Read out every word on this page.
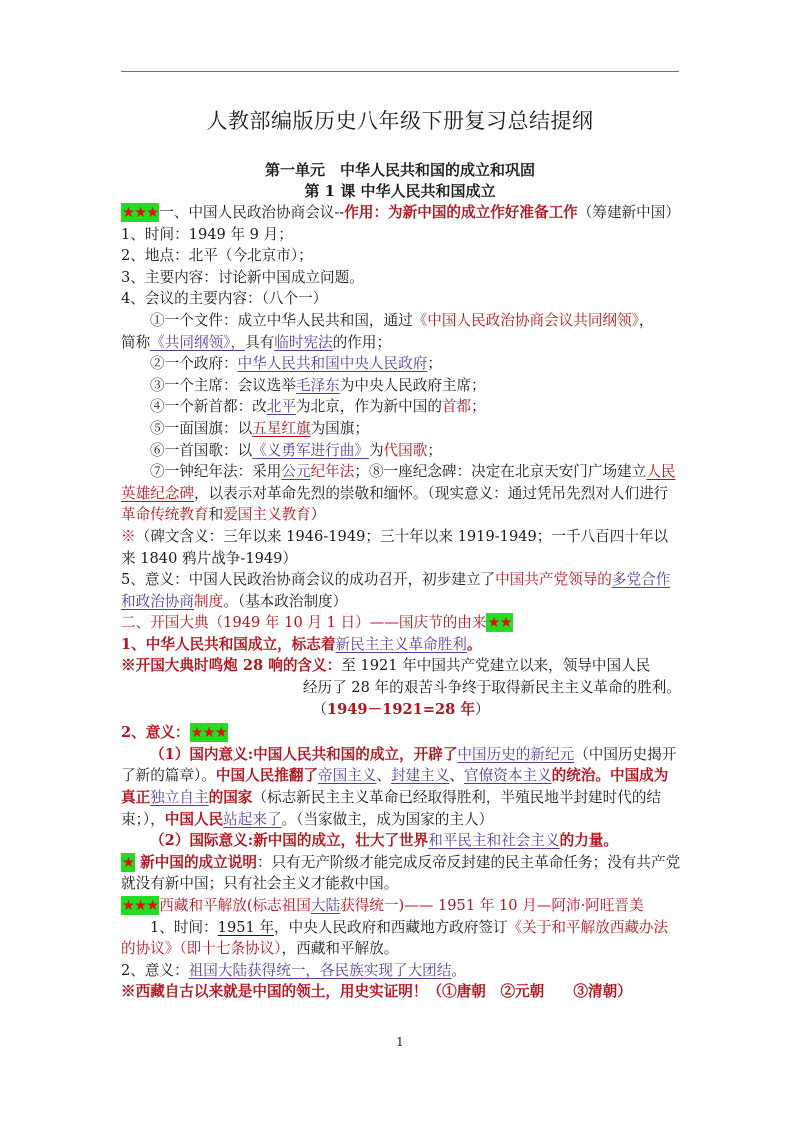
人教部编版历史八年级下册复习总结提纲
第一单元　中华人民共和国的成立和巩固
第 1 课 中华人民共和国成立

★★★一、中国人民政治协商会议--作用：为新中国的成立作好准备工作（筹建新中国）

1、时间：1949 年 9 月；

2、地点：北平（今北京市）；

3、主要内容：讨论新中国成立问题。

4、会议的主要内容：（八个一）

①一个文件：成立中华人民共和国，通过《中国人民政治协商会议共同纲领》，
简称《共同纲领》，具有临时宪法的作用；

②一个政府：中华人民共和国中央人民政府；

③一个主席：会议选举毛泽东为中央人民政府主席；

④一个新首都：改北平为北京，作为新中国的首都；

⑤一面国旗：以五星红旗为国旗；

⑥一首国歌：以《义勇军进行曲》为代国歌；

⑦一钟纪年法：采用公元纪年法；⑧一座纪念碑：决定在北京天安门广场建立人民英雄纪念碑，以表示对革命先烈的崇敬和缅怀。（现实意义：通过凭吊先烈对人们进行革命传统教育和爱国主义教育）

※（碑文含义：三年以来 1946-1949；三十年以来 1919-1949；一千八百四十年以来 1840 鸦片战争-1949）

5、意义：中国人民政治协商会议的成功召开，初步建立了中国共产党领导的多党合作和政治协商制度。（基本政治制度）

二、开国大典（1949 年 10 月 1 日）——国庆节的由来★★

1、中华人民共和国成立，标志着新民主主义革命胜利。

※开国大典时鸣炮 28 响的含义：至 1921 年中国共产党建立以来，领导中国人民

经历了 28 年的艰苦斗争终于取得新民主主义革命的胜利。

（1949－1921=28 年）

2、意义：★★★

（1）国内意义:中国人民共和国的成立，开辟了中国历史的新纪元（中国历史揭开了新的篇章）。中国人民推翻了帝国主义、封建主义、官僚资本主义的统治。中国成为真正独立自主的国家（标志新民主主义革命已经取得胜利，半殖民地半封建时代的结束；），中国人民站起来了。（当家做主，成为国家的主人）

（2）国际意义:新中国的成立，壮大了世界和平民主和社会主义的力量。

★ 新中国的成立说明：只有无产阶级才能完成反帝反封建的民主革命任务；没有共产党就没有新中国；只有社会主义才能救中国。

★★★西藏和平解放(标志祖国大陆获得统一)—— 1951 年 10 月—阿沛·阿旺晋美

1、时间：1951 年，中央人民政府和西藏地方政府签订《关于和平解放西藏办法的协议》（即十七条协议），西藏和平解放。

2、意义：祖国大陆获得统一，各民族实现了大团结。

※西藏自古以来就是中国的领土，用史实证明！（①唐朝　②元朝　　③清朝）

1
